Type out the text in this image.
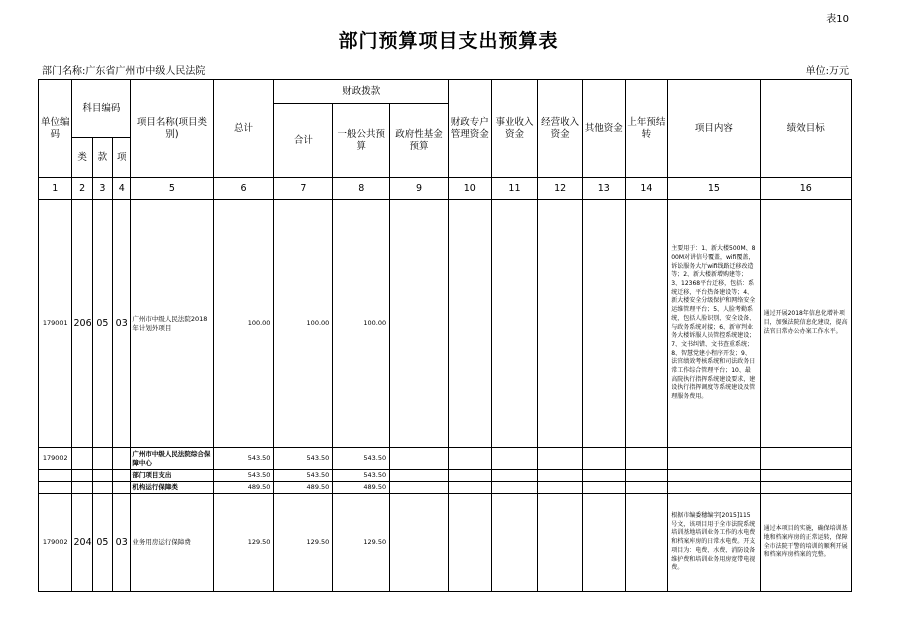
表10
部门预算项目支出预算表
部门名称:广东省广州市中级人民法院	单位:万元
单位编码	科目编码			项目名称(项目类别)	总计	财政拨款			财政专户管理资金	事业收入资金	经营收入资金	其他资金	上年预结转	项目内容	绩效目标
						合计	一般公共预算	政府性基金预算							
	类	款	项												
1	2	3	4	5	6	7	8	9	10	11	12	13	14	15	16
179001	206	05	03	广州市中级人民法院2018年计划外项目	100.00	100.00	100.00							主要用于：1、新大楼500M、800M对讲信号覆盖，wifi覆盖，诉讼服务大厅wifi线路迁移改造等；2、新大楼新增购建等；3、12368平台迁移，包括：系统迁移，平台热备建设等；4、新大楼安全分级保护和网络安全运维管理平台；5、人脸考勤系统，包括人脸识别、安全设备、与政务系统对接；6、新审判业务大楼诉服人员管控系统建设；7、文书纠错、文书查重系统；8、智慧党建小程序开发；9、法官绩效考核系统和司法政务日常工作综合管理平台；10、最高院执行指挥系统建设要求，建设执行指挥调度等系统建设及管理服务费用。	通过开展2018年信息化增补项目，加强法院信息化建设，提高法官日常办公办案工作水平。
179002				广州市中级人民法院综合保障中心	543.50	543.50	543.50								
				部门项目支出	543.50	543.50	543.50								
				机构运行保障类	489.50	489.50	489.50								
179002	204	05	03	业务用房运行保障费	129.50	129.50	129.50							根据市编委穗编字[2015]115号文，该项目用于全市法院系统培训基地培训业务工作的水电费和档案库房的日常水电费。开支项目为：电费、水费、消防设备维护费和培训业务用房宽带电视费。	通过本项目的实施，确保培训基地和档案库房的正常运转，保障全市法院干警的培训的顺利开展和档案库房档案的完整。
